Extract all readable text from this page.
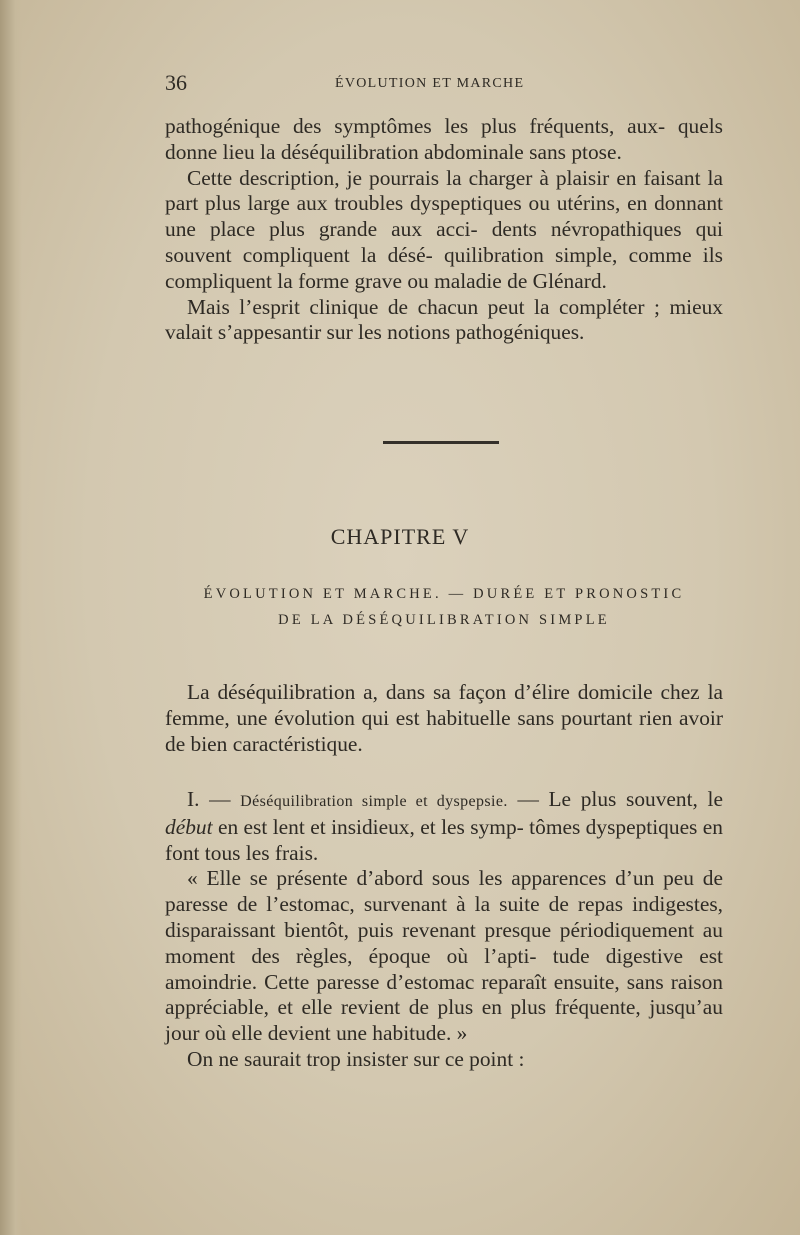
36	ÉVOLUTION ET MARCHE

pathogénique des symptômes les plus fréquents, aux- quels donne lieu la déséquilibration abdominale sans ptose.

Cette description, je pourrais la charger à plaisir en faisant la part plus large aux troubles dyspeptiques ou utérins, en donnant une place plus grande aux acci- dents névropathiques qui souvent compliquent la désé- quilibration simple, comme ils compliquent la forme grave ou maladie de Glénard.

Mais l’esprit clinique de chacun peut la compléter ; mieux valait s’appesantir sur les notions pathogéniques.

CHAPITRE V
ÉVOLUTION ET MARCHE. — DURÉE ET PRONOSTIC
DE LA DÉSÉQUILIBRATION SIMPLE

La déséquilibration a, dans sa façon d’élire domicile chez la femme, une évolution qui est habituelle sans pourtant rien avoir de bien caractéristique.

I. — Déséquilibration simple et dyspepsie. — Le plus souvent, le début en est lent et insidieux, et les symp- tômes dyspeptiques en font tous les frais.

« Elle se présente d’abord sous les apparences d’un peu de paresse de l’estomac, survenant à la suite de repas indigestes, disparaissant bientôt, puis revenant presque périodiquement au moment des règles, époque où l’apti- tude digestive est amoindrie. Cette paresse d’estomac reparaît ensuite, sans raison appréciable, et elle revient de plus en plus fréquente, jusqu’au jour où elle devient une habitude. »

On ne saurait trop insister sur ce point :
